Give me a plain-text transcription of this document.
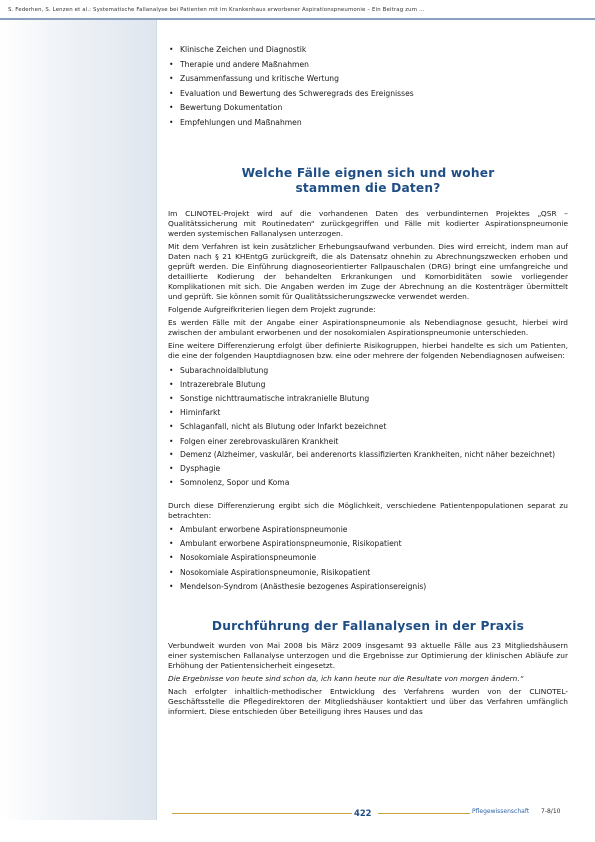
S. Federhen, S. Lenzen et al.: Systematische Fallanalyse bei Patienten mit im Krankenhaus erworbener Aspirationspneumonie – Ein Beitrag zum ...
• Klinische Zeichen und Diagnostik
• Therapie und andere Maßnahmen
• Zusammenfassung und kritische Wertung
• Evaluation und Bewertung des Schweregrads des Ereignisses
• Bewertung Dokumentation
• Empfehlungen und Maßnahmen
Welche Fälle eignen sich und woher
stammen die Daten?

Im CLINOTEL-Projekt wird auf die vorhandenen Daten des verbundinternen Projektes „QSR – Qualitätssicherung mit Routinedaten“ zurückgegriffen und Fälle mit kodierter Aspirationspneumonie werden systemischen Fallanalysen unterzogen.

Mit dem Verfahren ist kein zusätzlicher Erhebungsaufwand verbunden. Dies wird erreicht, indem man auf Daten nach § 21 KHEntgG zurückgreift, die als Datensatz ohnehin zu Abrechnungszwecken erhoben und geprüft werden. Die Einführung diagnoseorientierter Fallpauschalen (DRG) bringt eine umfangreiche und detaillierte Kodierung der behandelten Erkrankungen und Komorbiditäten sowie vorliegender Komplikationen mit sich. Die Angaben werden im Zuge der Abrechnung an die Kostenträger übermittelt und geprüft. Sie können somit für Qualitätssicherungszwecke verwendet werden.

Folgende Aufgreifkriterien liegen dem Projekt zugrunde:

Es werden Fälle mit der Angabe einer Aspirationspneumonie als Nebendiagnose gesucht, hierbei wird zwischen der ambulant erworbenen und der nosokomialen Aspirationspneumonie unterschieden.

Eine weitere Differenzierung erfolgt über definierte Risikogruppen, hierbei handelte es sich um Patienten, die eine der folgenden Hauptdiagnosen bzw. eine oder mehrere der folgenden Nebendiagnosen aufweisen:

• Subarachnoidalblutung
• Intrazerebrale Blutung
• Sonstige nichttraumatische intrakranielle Blutung
• Hirninfarkt
• Schlaganfall, nicht als Blutung oder Infarkt bezeichnet
• Folgen einer zerebrovaskulären Krankheit
• Demenz (Alzheimer, vaskulär, bei anderenorts klassifizierten Krankheiten, nicht näher bezeichnet)
• Dysphagie
• Somnolenz, Sopor und Koma

Durch diese Differenzierung ergibt sich die Möglichkeit, verschiedene Patientenpopulationen separat zu betrachten:

• Ambulant erworbene Aspirationspneumonie
• Ambulant erworbene Aspirationspneumonie, Risikopatient
• Nosokomiale Aspirationspneumonie
• Nosokomiale Aspirationspneumonie, Risikopatient
• Mendelson-Syndrom (Anästhesie bezogenes Aspirationsereignis)
Durchführung der Fallanalysen in der Praxis

Verbundweit wurden von Mai 2008 bis März 2009 insgesamt 93 aktuelle Fälle aus 23 Mitgliedshäusern einer systemischen Fallanalyse unterzogen und die Ergebnisse zur Optimierung der klinischen Abläufe zur Erhöhung der Patientensicherheit eingesetzt.

Die Ergebnisse von heute sind schon da, ich kann heute nur die Resultate von morgen ändern.“

Nach erfolgter inhaltlich-methodischer Entwicklung des Verfahrens wurden von der CLINOTEL-Geschäftsstelle die Pflegedirektoren der Mitgliedshäuser kontaktiert und über das Verfahren umfänglich informiert. Diese entschieden über Beteiligung ihres Hauses und das

422	Pflegewissenschaft 7-8/10
